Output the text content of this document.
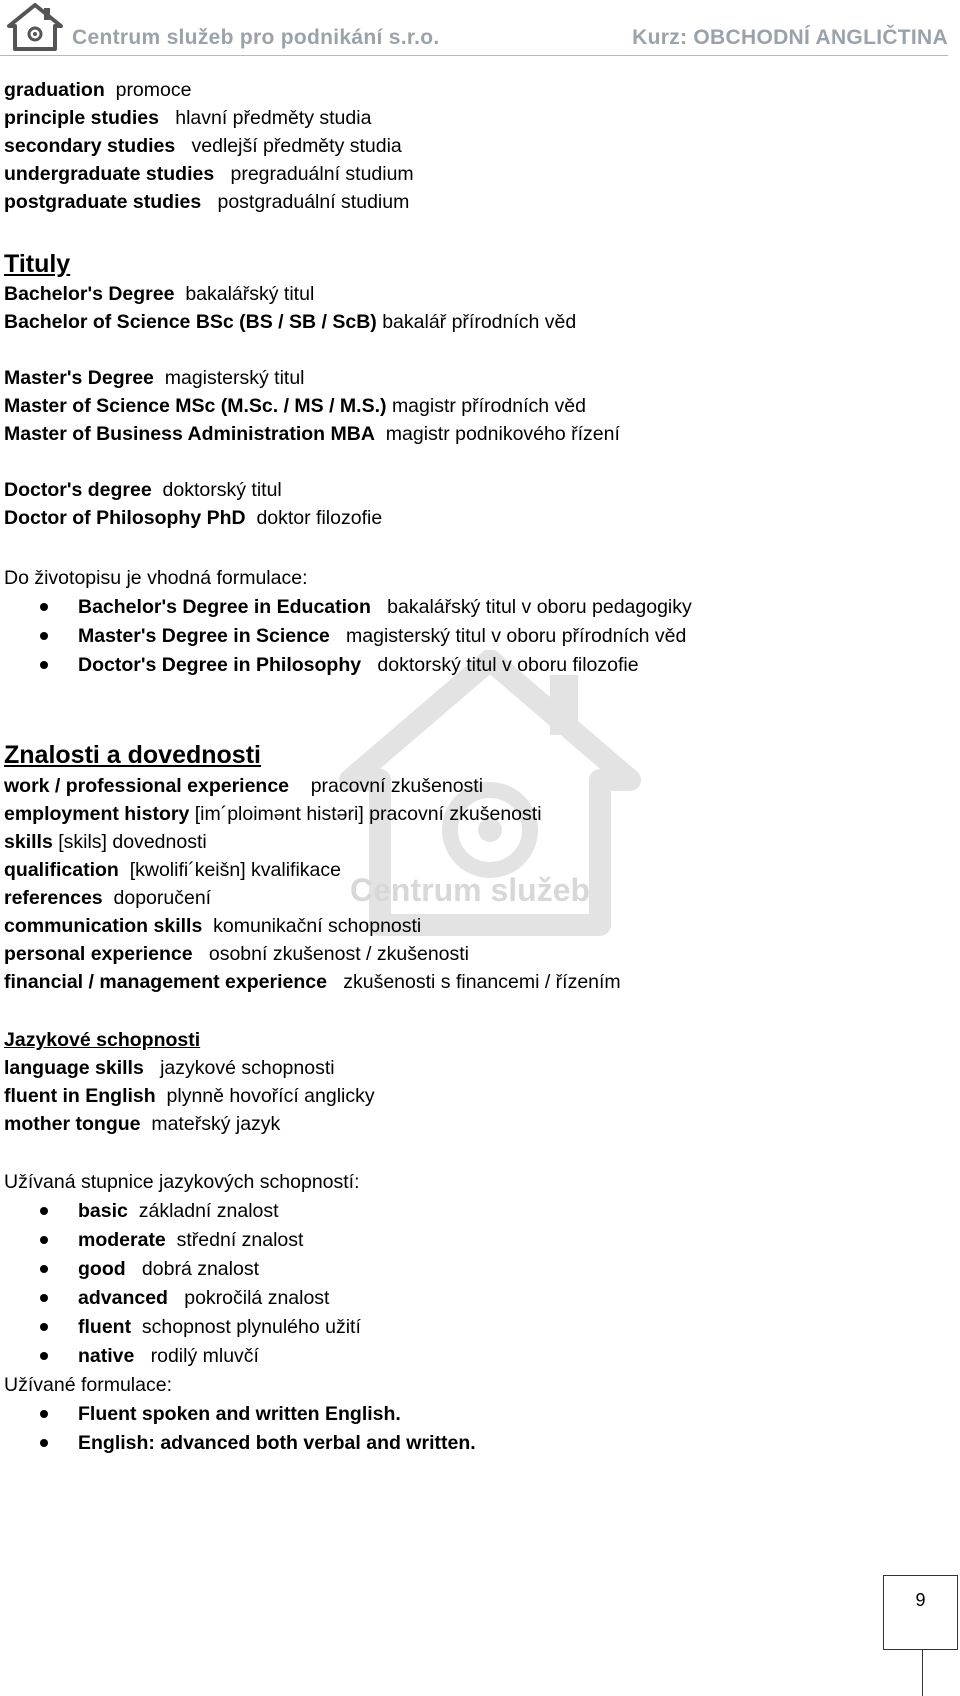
Centrum služeb pro podnikání s.r.o.	Kurz: OBCHODNÍ ANGLIČTINA
Centrum služeb
graduation promoce
principle studies hlavní předměty studia
secondary studies vedlejší předměty studia
undergraduate studies pregraduální studium
postgraduate studies postgraduální studium
Tituly
Bachelor's Degree bakalářský titul
Bachelor of Science BSc (BS / SB / ScB) bakalář přírodních věd
Master's Degree magisterský titul
Master of Science MSc (M.Sc. / MS / M.S.) magistr přírodních věd
Master of Business Administration MBA magistr podnikového řízení
Doctor's degree doktorský titul
Doctor of Philosophy PhD doktor filozofie
Do životopisu je vhodná formulace:
Bachelor's Degree in Education bakalářský titul v oboru pedagogiky
Master's Degree in Science magisterský titul v oboru přírodních věd
Doctor's Degree in Philosophy doktorský titul v oboru filozofie
Znalosti a dovednosti
work / professional experience pracovní zkušenosti
employment history [im´ploimənt histəri] pracovní zkušenosti
skills [skils] dovednosti
qualification [kwolifi´keišn] kvalifikace
references doporučení
communication skills komunikační schopnosti
personal experience osobní zkušenost / zkušenosti
financial / management experience zkušenosti s financemi / řízením
Jazykové schopnosti
language skills jazykové schopnosti
fluent in English plynně hovořící anglicky
mother tongue mateřský jazyk
Užívaná stupnice jazykových schopností:
basic základní znalost
moderate střední znalost
good dobrá znalost
advanced pokročilá znalost
fluent schopnost plynulého užití
native rodilý mluvčí
Užívané formulace:
Fluent spoken and written English.
English: advanced both verbal and written.
9
